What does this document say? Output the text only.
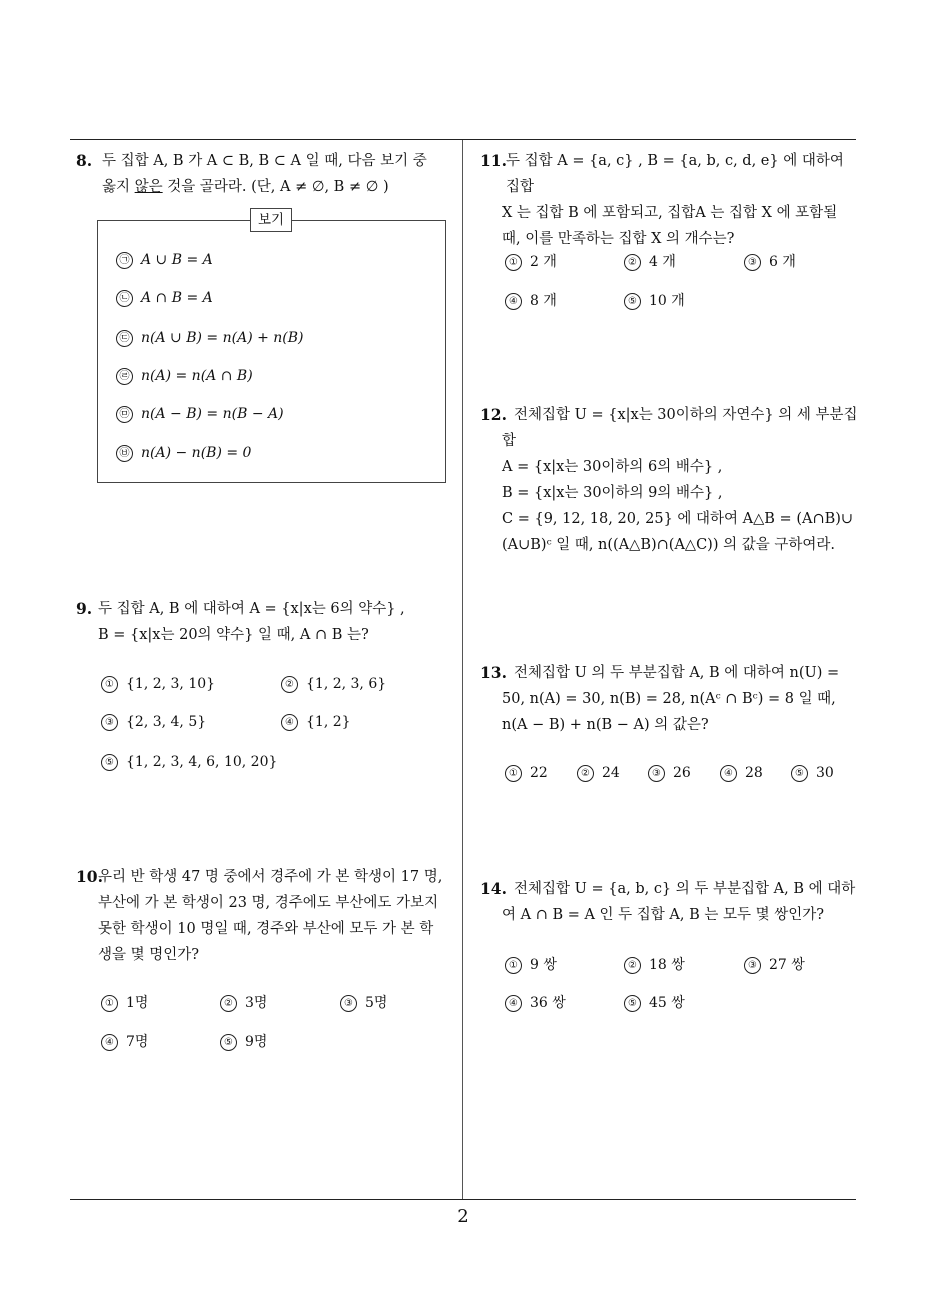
8. 두 집합 A, B 가 A ⊂ B, B ⊂ A 일 때, 다음 보기 중
옳지 않은 것을 골라라. (단, A ≠ ∅, B ≠ ∅ )
보기
㉠ A ∪ B = A
㉡ A ∩ B = A
㉢ n(A ∪ B) = n(A) + n(B)
㉣ n(A) = n(A ∩ B)
㉤ n(A − B) = n(B − A)
㉥ n(A) − n(B) = 0
9. 두 집합 A, B 에 대하여 A = {x|x는 6의 약수} ,
B = {x|x는 20의 약수} 일 때, A ∩ B 는?
① {1, 2, 3, 10}	② {1, 2, 3, 6}
③ {2, 3, 4, 5}	④ {1, 2}
⑤ {1, 2, 3, 4, 6, 10, 20}
10.
우리 반 학생 47 명 중에서 경주에 가 본 학생이 17 명,
부산에 가 본 학생이 23 명, 경주에도 부산에도 가보지
못한 학생이 10 명일 때, 경주와 부산에 모두 가 본 학
생을 몇 명인가?
① 1명	② 3명	③ 5명
④ 7명	⑤ 9명
11. 두 집합 A = {a, c} , B = {a, b, c, d, e} 에 대하여 집합
X 는 집합 B 에 포함되고, 집합A 는 집합 X 에 포함될
때, 이를 만족하는 집합 X 의 개수는?
① 2 개	② 4 개	③ 6 개
④ 8 개	⑤ 10 개
12. 전체집합 U = {x|x는 30이하의 자연수} 의 세 부분집
합
A = {x|x는 30이하의 6의 배수} ,
B = {x|x는 30이하의 9의 배수} ,
C = {9, 12, 18, 20, 25} 에 대하여 A△B = (A∩B)∪
(A∪B)ᶜ 일 때, n((A△B)∩(A△C)) 의 값을 구하여라.
13. 전체집합 U 의 두 부분집합 A, B 에 대하여 n(U) =
50, n(A) = 30, n(B) = 28, n(Aᶜ ∩ Bᶜ) = 8 일 때,
n(A − B) + n(B − A) 의 값은?
① 22	② 24	③ 26	④ 28	⑤ 30
14. 전체집합 U = {a, b, c} 의 두 부분집합 A, B 에 대하
여 A ∩ B = A 인 두 집합 A, B 는 모두 몇 쌍인가?
① 9 쌍	② 18 쌍	③ 27 쌍
④ 36 쌍	⑤ 45 쌍
2
